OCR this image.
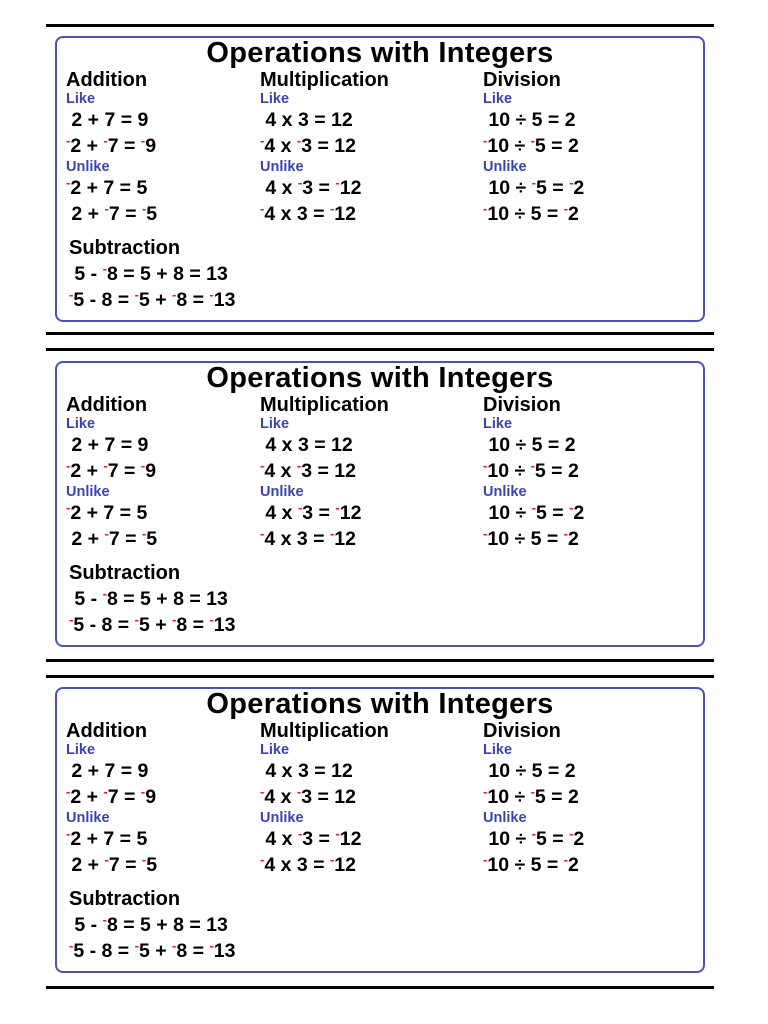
Operations with Integers
Addition
Like
2 + 7 = 9
-2 + -7 = -9
Unlike
-2 + 7 = 5
2 + -7 = -5
Multiplication
Like
4 x 3 = 12
-4 x -3 = 12
Unlike
4 x -3 = -12
-4 x 3 = -12
Division
Like
10 ÷ 5 = 2
-10 ÷ -5 = 2
Unlike
10 ÷ -5 = -2
-10 ÷ 5 = -2
Subtraction
5 - -8 = 5 + 8 = 13
-5 - 8 = -5 + -8 = -13
Operations with Integers
Addition
Like
2 + 7 = 9
-2 + -7 = -9
Unlike
-2 + 7 = 5
2 + -7 = -5
Multiplication
Like
4 x 3 = 12
-4 x -3 = 12
Unlike
4 x -3 = -12
-4 x 3 = -12
Division
Like
10 ÷ 5 = 2
-10 ÷ -5 = 2
Unlike
10 ÷ -5 = -2
-10 ÷ 5 = -2
Subtraction
5 - -8 = 5 + 8 = 13
-5 - 8 = -5 + -8 = -13
Operations with Integers
Addition
Like
2 + 7 = 9
-2 + -7 = -9
Unlike
-2 + 7 = 5
2 + -7 = -5
Multiplication
Like
4 x 3 = 12
-4 x -3 = 12
Unlike
4 x -3 = -12
-4 x 3 = -12
Division
Like
10 ÷ 5 = 2
-10 ÷ -5 = 2
Unlike
10 ÷ -5 = -2
-10 ÷ 5 = -2
Subtraction
5 - -8 = 5 + 8 = 13
-5 - 8 = -5 + -8 = -13
